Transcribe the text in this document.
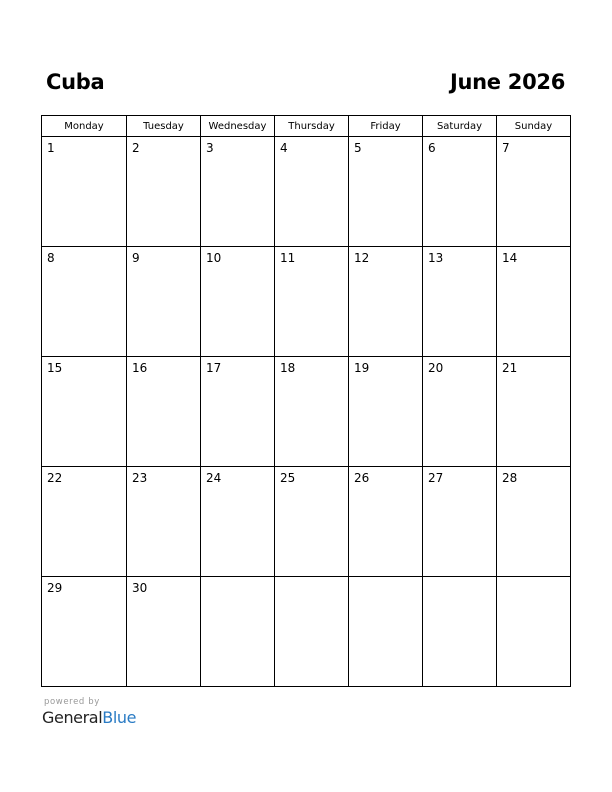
Cuba	June 2026
Monday	Tuesday	Wednesday	Thursday	Friday	Saturday	Sunday

1	2	3	4	5	6	7

8	9	10	11	12	13	14

15	16	17	18	19	20	21

22	23	24	25	26	27	28

29	30					

powered by
GeneralBlue
